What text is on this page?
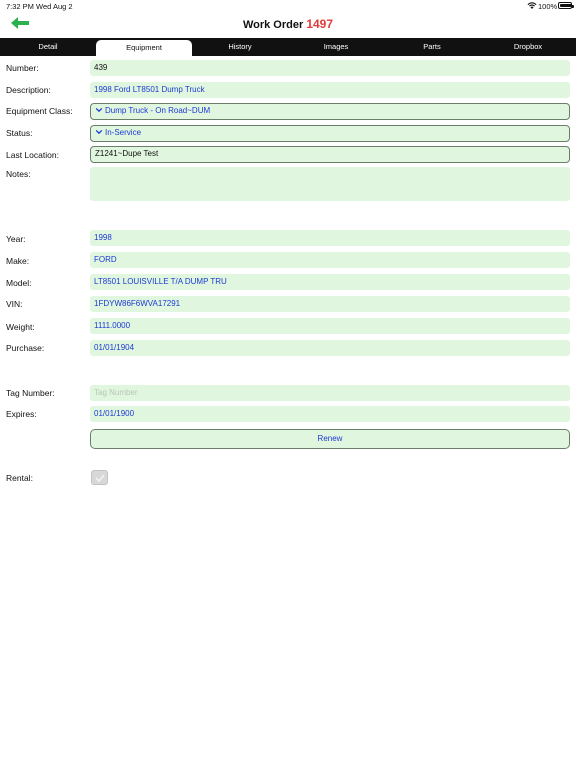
7:32 PM Wed Aug 2	100%
Work Order 1497
Detail	Equipment	History	Images	Parts	Dropbox
Number:	439
Description:	1998 Ford LT8501 Dump Truck
Equipment Class:	Dump Truck - On Road~DUM
Status:	In-Service
Last Location:	Z1241~Dupe Test
Notes:
Year:	1998
Make:	FORD
Model:	LT8501 LOUISVILLE T/A DUMP TRU
VIN:	1FDYW86F6WVA17291
Weight:	1111.0000
Purchase:	01/01/1904
Tag Number:	Tag Number
Expires:	01/01/1900
Renew
Rental:
